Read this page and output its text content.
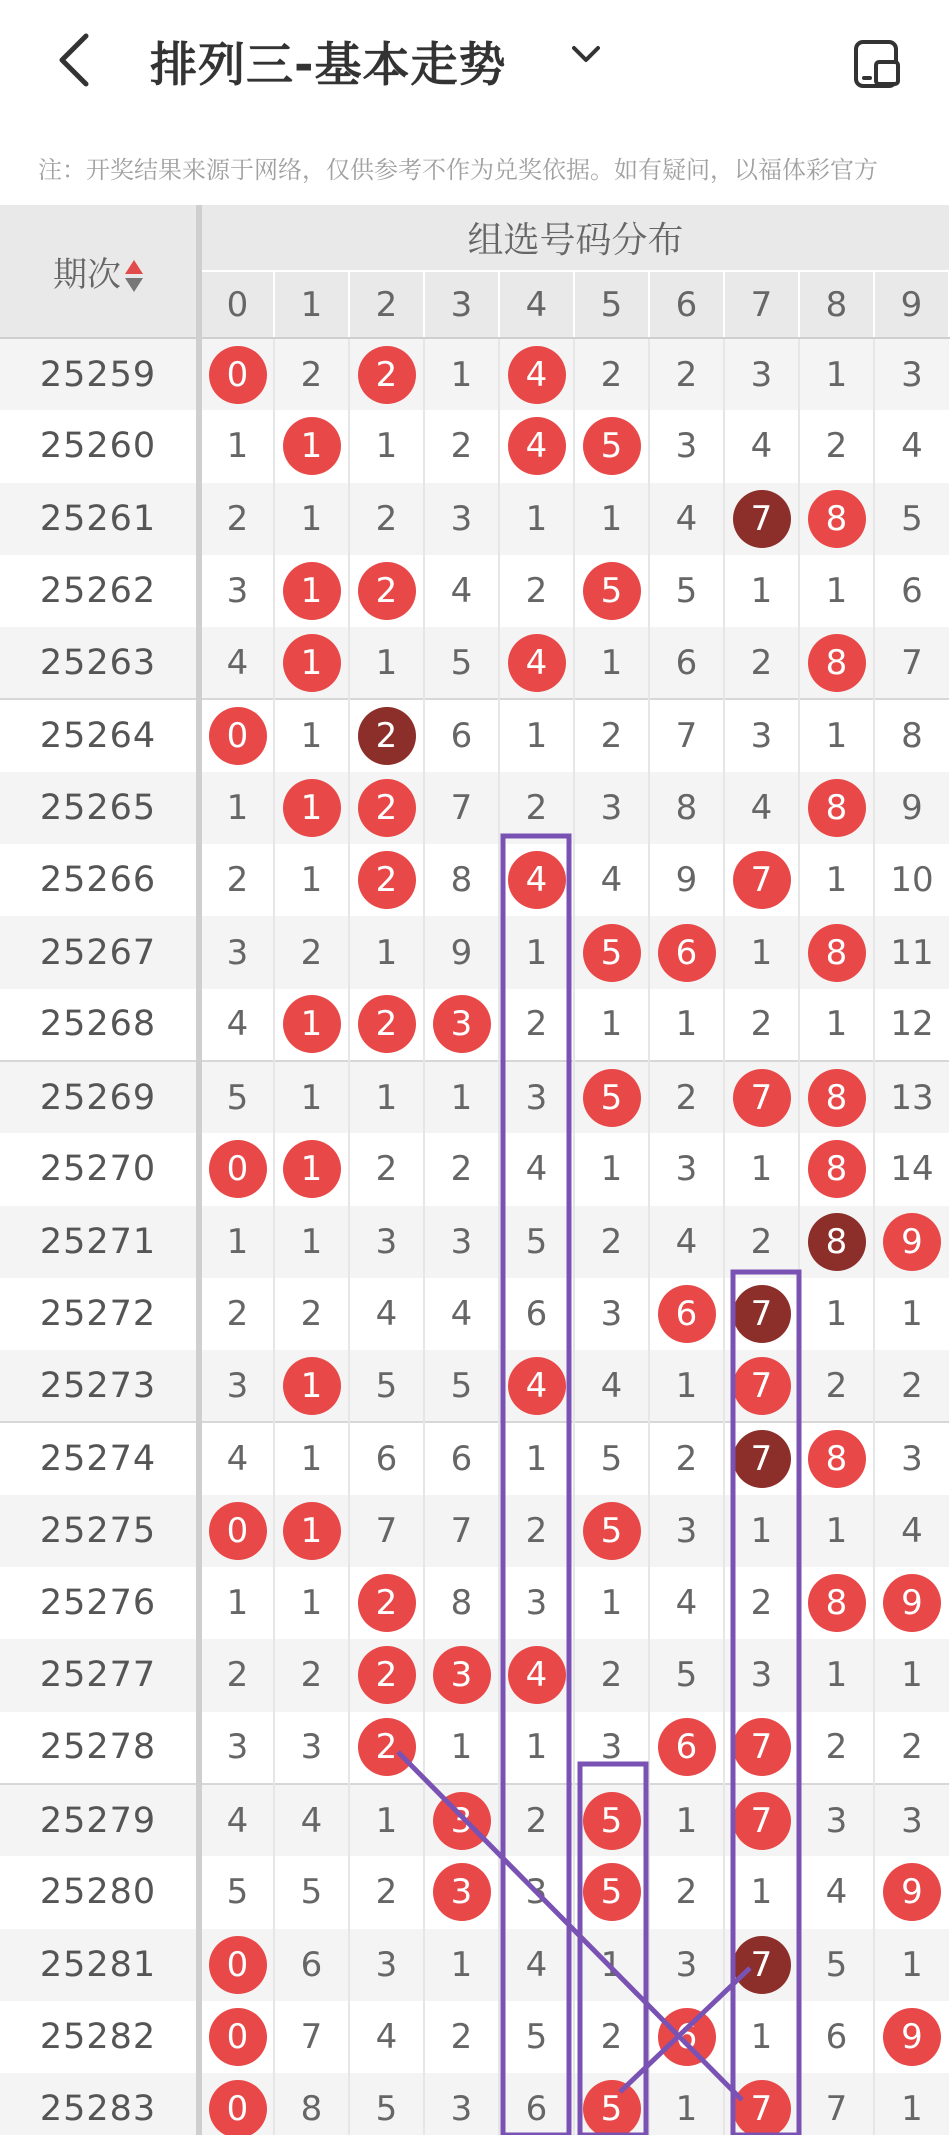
排列三-基本走势
注：开奖结果来源于网络，仅供参考不作为兑奖依据。如有疑问，以福体彩官方
期次	组选号码分布									
	0	1	2	3	4	5	6	7	8	9
25259	0	2	2	1	4	2	2	3	1	3
25260	1	1	1	2	4	5	3	4	2	4
25261	2	1	2	3	1	1	4	7	8	5
25262	3	1	2	4	2	5	5	1	1	6
25263	4	1	1	5	4	1	6	2	8	7
25264	0	1	2	6	1	2	7	3	1	8
25265	1	1	2	7	2	3	8	4	8	9
25266	2	1	2	8	4	4	9	7	1	10
25267	3	2	1	9	1	5	6	1	8	11
25268	4	1	2	3	2	1	1	2	1	12
25269	5	1	1	1	3	5	2	7	8	13
25270	0	1	2	2	4	1	3	1	8	14
25271	1	1	3	3	5	2	4	2	8	9
25272	2	2	4	4	6	3	6	7	1	1
25273	3	1	5	5	4	4	1	7	2	2
25274	4	1	6	6	1	5	2	7	8	3
25275	0	1	7	7	2	5	3	1	1	4
25276	1	1	2	8	3	1	4	2	8	9
25277	2	2	2	3	4	2	5	3	1	1
25278	3	3	2	1	1	3	6	7	2	2
25279	4	4	1	3	2	5	1	7	3	3
25280	5	5	2	3	3	5	2	1	4	9
25281	0	6	3	1	4	1	3	7	5	1
25282	0	7	4	2	5	2	6	1	6	9
25283	0	8	5	3	6	5	1	7	7	1
